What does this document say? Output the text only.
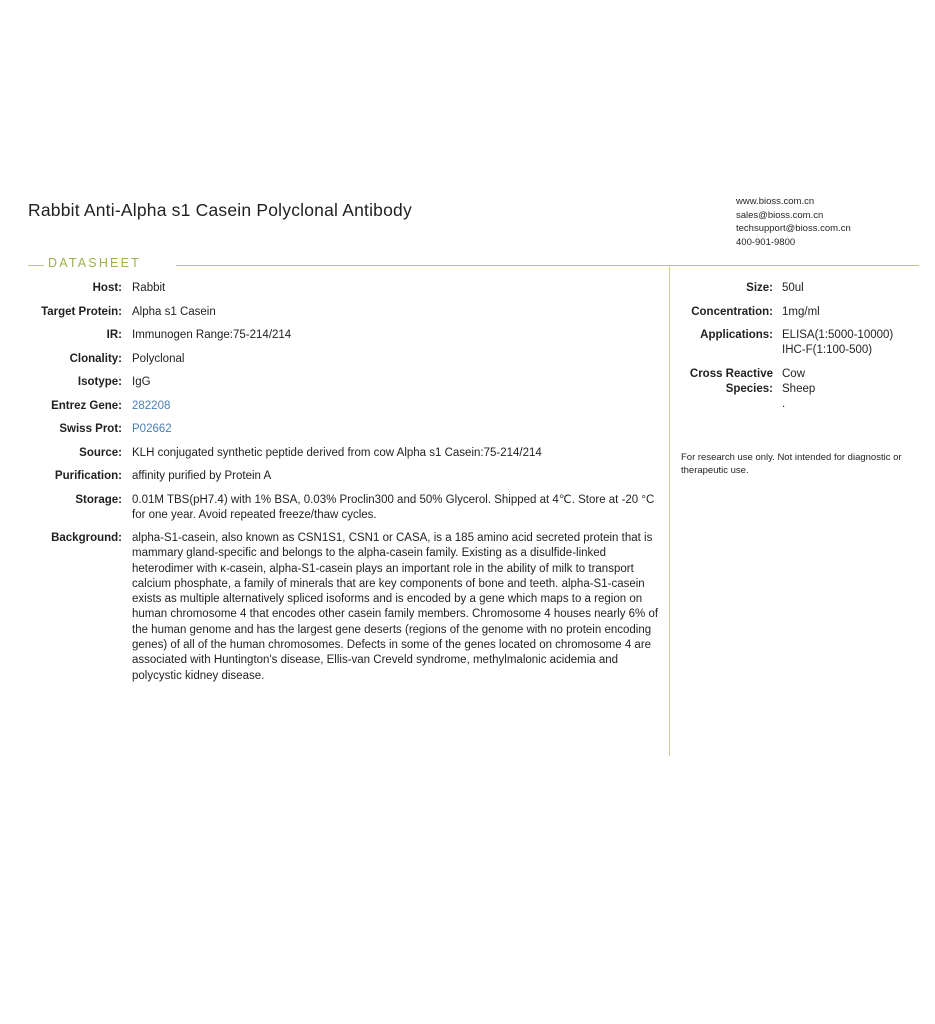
Rabbit Anti-Alpha s1 Casein Polyclonal Antibody	www.bioss.com.cn
sales@bioss.com.cn
techsupport@bioss.com.cn
400-901-9800
DATASHEET
Host: Rabbit
Target Protein: Alpha s1 Casein
IR: Immunogen Range:75-214/214
Clonality: Polyclonal
Isotype: IgG
Entrez Gene: 282208
Swiss Prot: P02662
Source: KLH conjugated synthetic peptide derived from cow Alpha s1 Casein:75-214/214
Purification: affinity purified by Protein A
Storage: 0.01M TBS(pH7.4) with 1% BSA, 0.03% Proclin300 and 50% Glycerol. Shipped at 4℃. Store at -20 °C for one year. Avoid repeated freeze/thaw cycles.
Background: alpha-S1-casein, also known as CSN1S1, CSN1 or CASA, is a 185 amino acid secreted protein that is mammary gland-specific and belongs to the alpha-casein family. Existing as a disulfide-linked heterodimer with κ-casein, alpha-S1-casein plays an important role in the ability of milk to transport calcium phosphate, a family of minerals that are key components of bone and teeth. alpha-S1-casein exists as multiple alternatively spliced isoforms and is encoded by a gene which maps to a region on human chromosome 4 that encodes other casein family members. Chromosome 4 houses nearly 6% of the human genome and has the largest gene deserts (regions of the genome with no protein encoding genes) of all of the human chromosomes. Defects in some of the genes located on chromosome 4 are associated with Huntington's disease, Ellis-van Creveld syndrome, methylmalonic acidemia and polycystic kidney disease.
Size: 50ul
Concentration: 1mg/ml
Applications: ELISA(1:5000-10000)
IHC-F(1:100-500)
Cross Reactive Species:
Cow
Sheep
.
For research use only. Not intended for diagnostic or therapeutic use.
